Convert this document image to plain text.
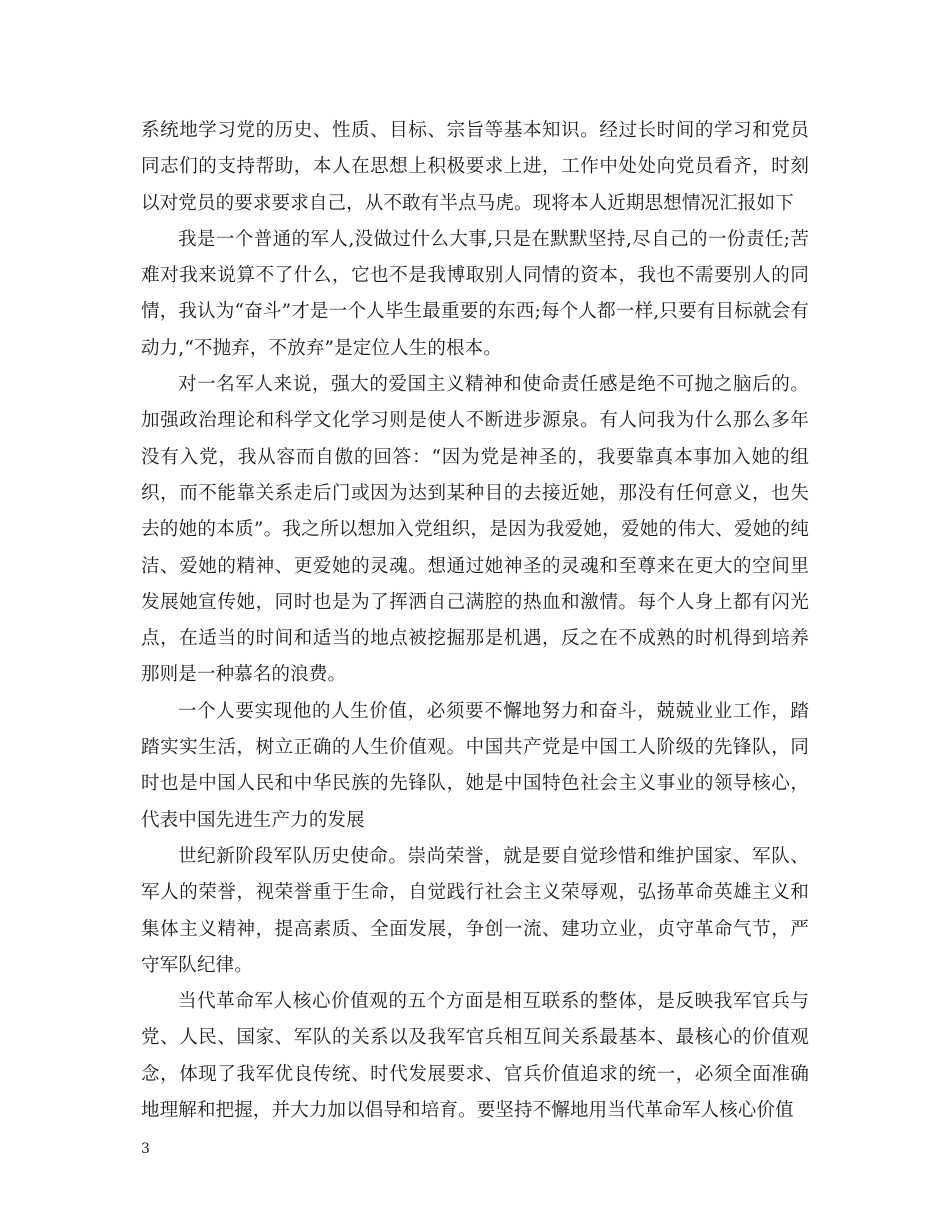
系统地学习党的历史、性质、目标、宗旨等基本知识。经过长时间的学习和党员同志们的支持帮助，本人在思想上积极要求上进，工作中处处向党员看齐，时刻以对党员的要求要求自己，从不敢有半点马虎。现将本人近期思想情况汇报如下

我是一个普通的军人,没做过什么大事,只是在默默坚持,尽自己的一份责任;苦难对我来说算不了什么，它也不是我博取别人同情的资本，我也不需要别人的同情，我认为“奋斗”才是一个人毕生最重要的东西;每个人都一样,只要有目标就会有动力,“不抛弃，不放弃”是定位人生的根本。

对一名军人来说，强大的爱国主义精神和使命责任感是绝不可抛之脑后的。加强政治理论和科学文化学习则是使人不断进步源泉。有人问我为什么那么多年没有入党，我从容而自傲的回答：“因为党是神圣的，我要靠真本事加入她的组织，而不能靠关系走后门或因为达到某种目的去接近她，那没有任何意义，也失去的她的本质”。我之所以想加入党组织，是因为我爱她，爱她的伟大、爱她的纯洁、爱她的精神、更爱她的灵魂。想通过她神圣的灵魂和至尊来在更大的空间里发展她宣传她，同时也是为了挥洒自己满腔的热血和激情。每个人身上都有闪光点，在适当的时间和适当的地点被挖掘那是机遇，反之在不成熟的时机得到培养那则是一种慕名的浪费。

一个人要实现他的人生价值，必须要不懈地努力和奋斗，兢兢业业工作，踏踏实实生活，树立正确的人生价值观。中国共产党是中国工人阶级的先锋队，同时也是中国人民和中华民族的先锋队，她是中国特色社会主义事业的领导核心，代表中国先进生产力的发展

世纪新阶段军队历史使命。崇尚荣誉，就是要自觉珍惜和维护国家、军队、军人的荣誉，视荣誉重于生命，自觉践行社会主义荣辱观，弘扬革命英雄主义和集体主义精神，提高素质、全面发展，争创一流、建功立业，贞守革命气节，严守军队纪律。

当代革命军人核心价值观的五个方面是相互联系的整体，是反映我军官兵与党、人民、国家、军队的关系以及我军官兵相互间关系最基本、最核心的价值观念，体现了我军优良传统、时代发展要求、官兵价值追求的统一，必须全面准确地理解和把握，并大力加以倡导和培育。要坚持不懈地用当代革命军人核心价值

3
